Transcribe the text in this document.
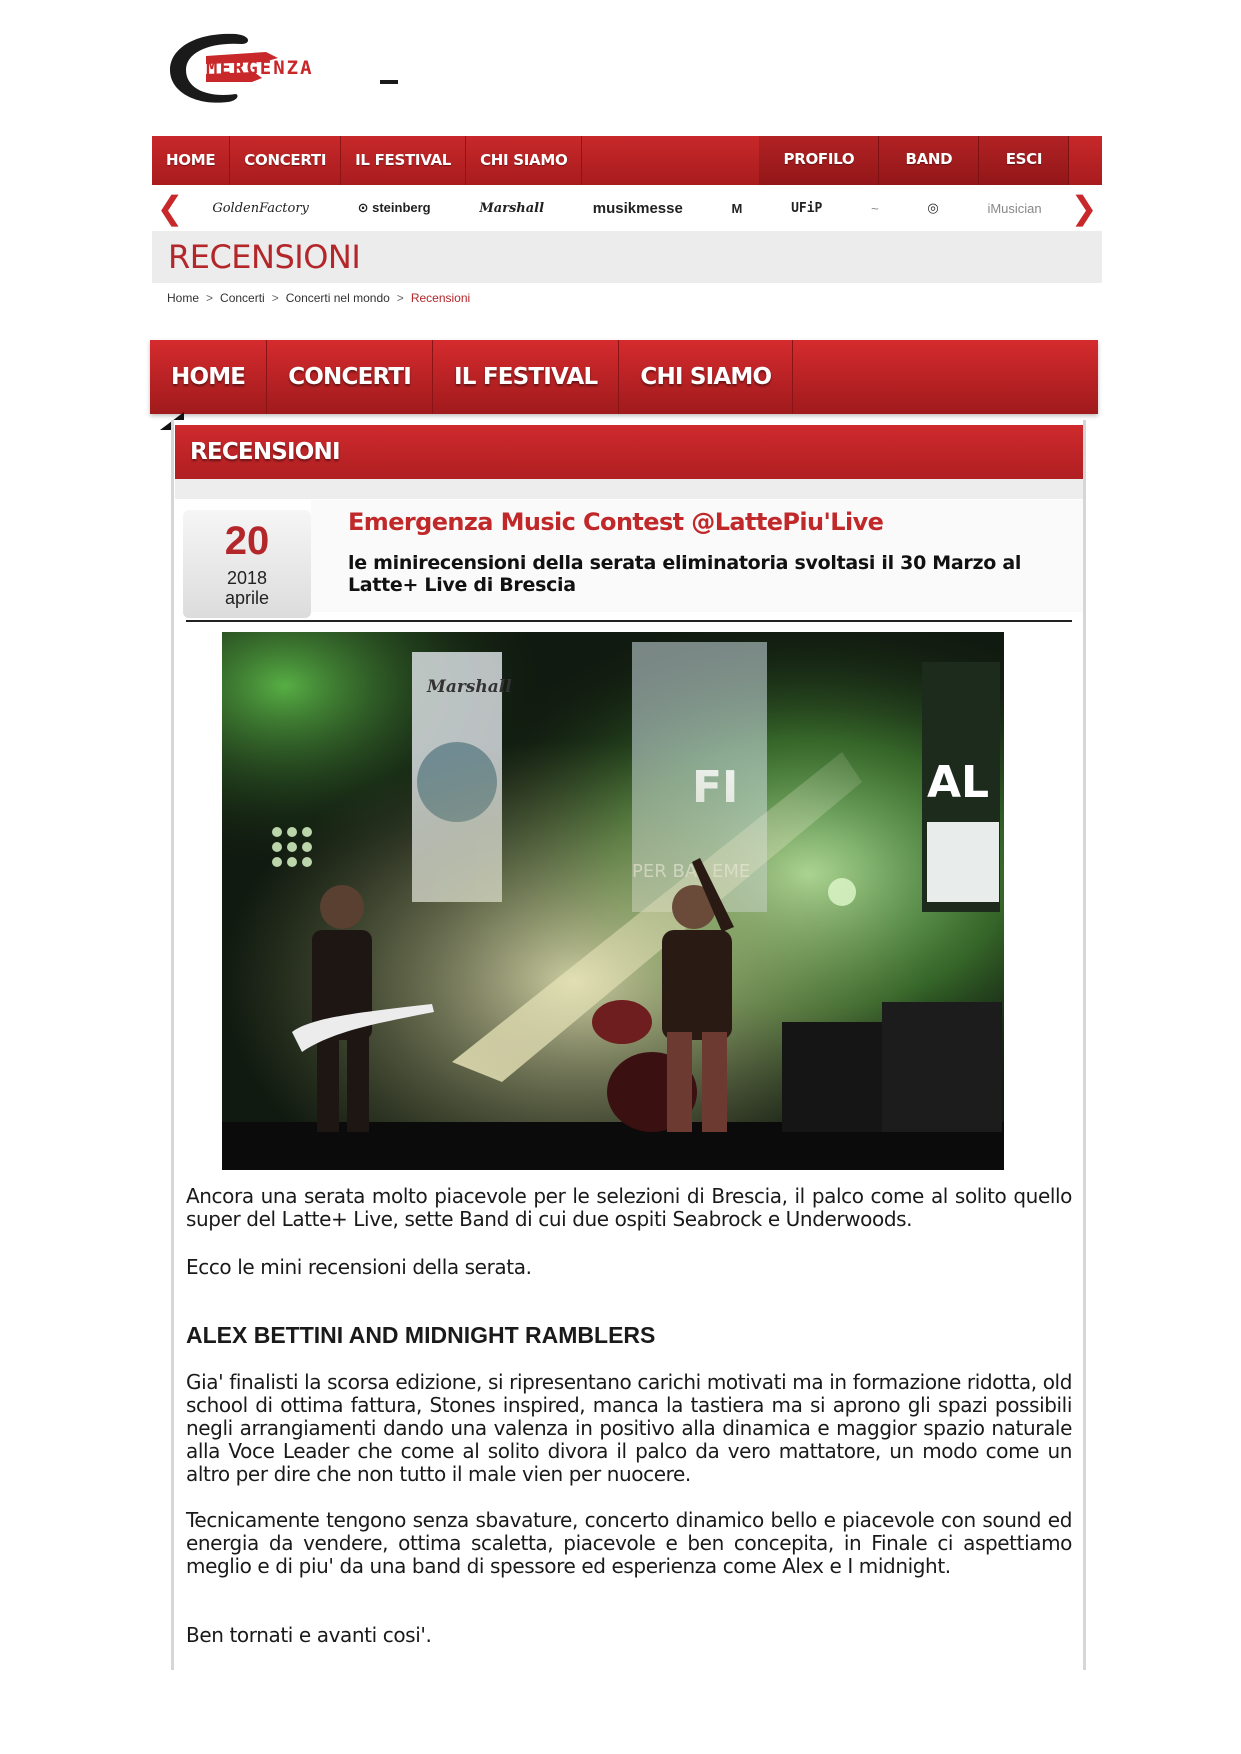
MERGENZA
HOME	CONCERTI	IL FESTIVAL	CHI SIAMO	PROFILO	BAND	ESCI
❮	GoldenFactory	⊙ steinberg	Marshall	musikmesse	M	UFiP	~	◎	iMusician ❯
RECENSIONI
Home > Concerti > Concerti nel mondo > Recensioni
HOME	CONCERTI	IL FESTIVAL	CHI SIAMO
RECENSIONI
20
2018
aprile
Emergenza Music Contest @LattePiu'Live
le minirecensioni della serata eliminatoria svoltasi il 30 Marzo al Latte+ Live di Brescia

Ancora una serata molto piacevole per le selezioni di Brescia, il palco come al solito quello super del Latte+ Live, sette Band di cui due ospiti Seabrock e Underwoods.

Ecco le mini recensioni della serata.

ALEX BETTINI AND MIDNIGHT RAMBLERS

Gia' finalisti la scorsa edizione, si ripresentano carichi motivati ma in formazione ridotta, old school di ottima fattura, Stones inspired, manca la tastiera ma si aprono gli spazi possibili negli arrangiamenti dando una valenza in positivo alla dinamica e maggior spazio naturale alla Voce Leader che come al solito divora il palco da vero mattatore, un modo come un altro per dire che non tutto il male vien per nuocere.

Tecnicamente tengono senza sbavature, concerto dinamico bello e piacevole con sound ed energia da vendere, ottima scaletta, piacevole e ben concepita, in Finale ci aspettiamo meglio e di piu' da una band di spessore ed esperienza come Alex e I midnight.

Ben tornati e avanti cosi'.
